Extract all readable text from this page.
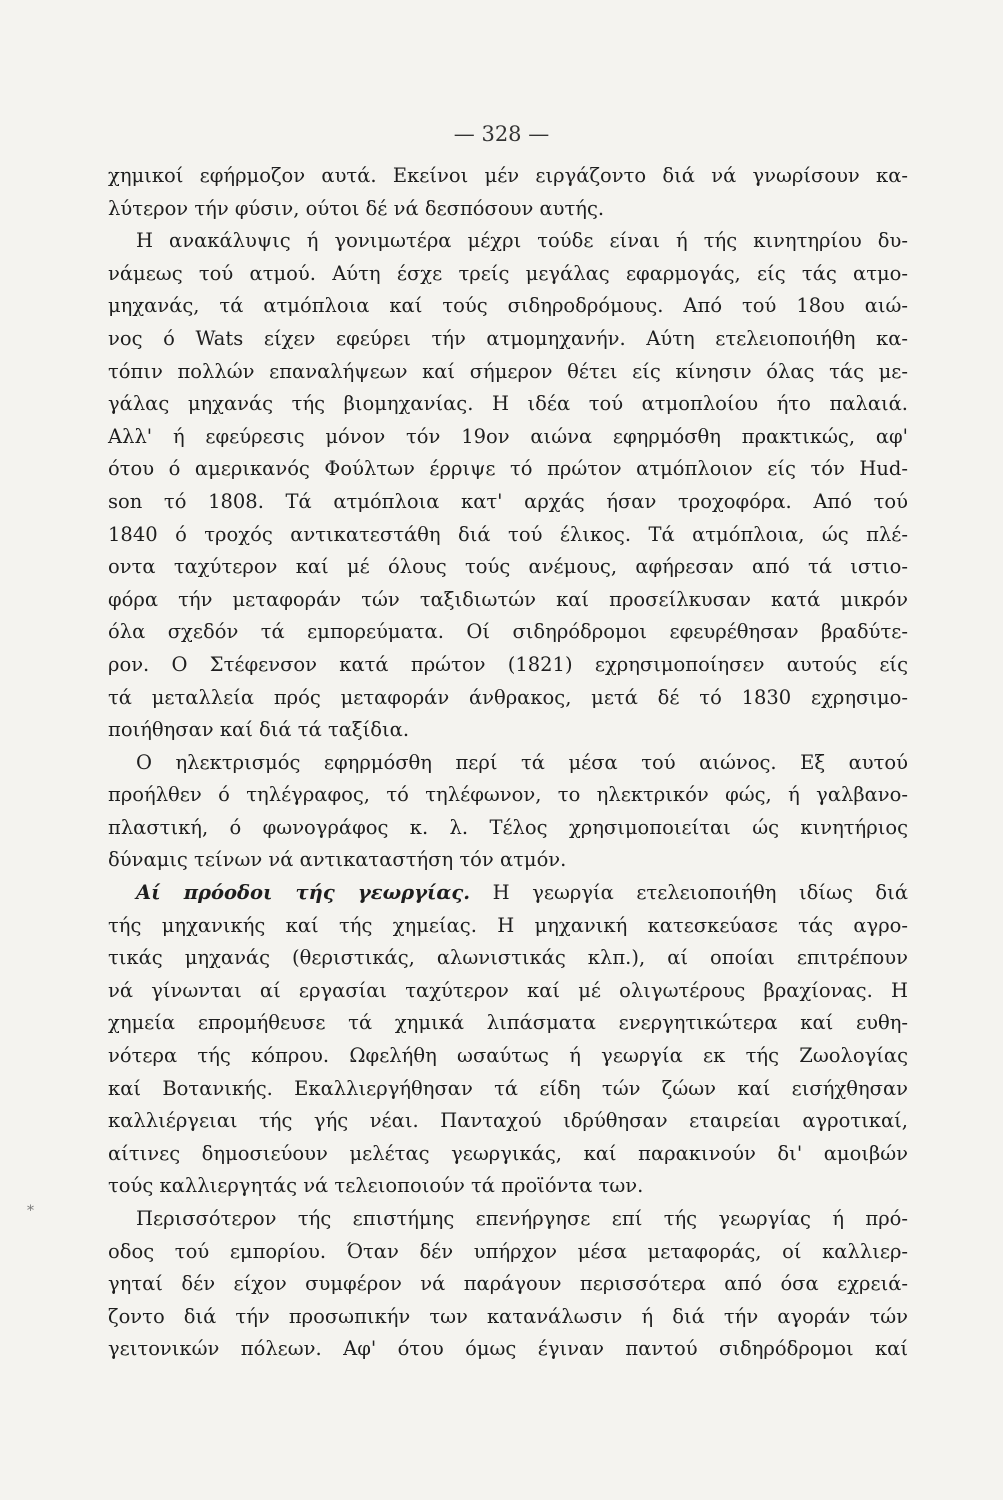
— 328 —
*
χημικοί εφήρμοζον αυτά. Εκείνοι μέν ειργάζοντο διά νά γνωρίσουν κα-
λύτερον τήν φύσιν, ούτοι δέ νά δεσπόσουν αυτής.
Η ανακάλυψις ή γονιμωτέρα μέχρι τούδε είναι ή τής κινητηρίου δυ-
νάμεως τού ατμού. Αύτη έσχε τρείς μεγάλας εφαρμογάς, είς τάς ατμο-
μηχανάς, τά ατμόπλοια καί τούς σιδηροδρόμους. Από τού 18ου αιώ-
νος ό Wats είχεν εφεύρει τήν ατμομηχανήν. Αύτη ετελειοποιήθη κα-
τόπιν πολλών επαναλήψεων καί σήμερον θέτει είς κίνησιν όλας τάς με-
γάλας μηχανάς τής βιομηχανίας. Η ιδέα τού ατμοπλοίου ήτο παλαιά.
Αλλ' ή εφεύρεσις μόνον τόν 19ον αιώνα εφηρμόσθη πρακτικώς, αφ'
ότου ό αμερικανός Φούλτων έρριψε τό πρώτον ατμόπλοιον είς τόν Hud-
son τό 1808. Τά ατμόπλοια κατ' αρχάς ήσαν τροχοφόρα. Από τού
1840 ό τροχός αντικατεστάθη διά τού έλικος. Τά ατμόπλοια, ώς πλέ-
οντα ταχύτερον καί μέ όλους τούς ανέμους, αφήρεσαν από τά ιστιο-
φόρα τήν μεταφοράν τών ταξιδιωτών καί προσείλκυσαν κατά μικρόν
όλα σχεδόν τά εμπορεύματα. Οί σιδηρόδρομοι εφευρέθησαν βραδύτε-
ρον. Ο Στέφενσον κατά πρώτον (1821) εχρησιμοποίησεν αυτούς είς
τά μεταλλεία πρός μεταφοράν άνθρακος, μετά δέ τό 1830 εχρησιμο-
ποιήθησαν καί διά τά ταξίδια.
Ο ηλεκτρισμός εφηρμόσθη περί τά μέσα τού αιώνος. Εξ αυτού
προήλθεν ό τηλέγραφος, τό τηλέφωνον, το ηλεκτρικόν φώς, ή γαλβανο-
πλαστική, ό φωνογράφος κ. λ. Τέλος χρησιμοποιείται ώς κινητήριος
δύναμις τείνων νά αντικαταστήση τόν ατμόν.
Αί πρόοδοι τής γεωργίας. Η γεωργία ετελειοποιήθη ιδίως διά
τής μηχανικής καί τής χημείας. Η μηχανική κατεσκεύασε τάς αγρο-
τικάς μηχανάς (θεριστικάς, αλωνιστικάς κλπ.), αί οποίαι επιτρέπουν
νά γίνωνται αί εργασίαι ταχύτερον καί μέ ολιγωτέρους βραχίονας. Η
χημεία επρομήθευσε τά χημικά λιπάσματα ενεργητικώτερα καί ευθη-
νότερα τής κόπρου. Ωφελήθη ωσαύτως ή γεωργία εκ τής Ζωολογίας
καί Βοτανικής. Εκαλλιεργήθησαν τά είδη τών ζώων καί εισήχθησαν
καλλιέργειαι τής γής νέαι. Πανταχού ιδρύθησαν εταιρείαι αγροτικαί,
αίτινες δημοσιεύουν μελέτας γεωργικάς, καί παρακινούν δι' αμοιβών
τούς καλλιεργητάς νά τελειοποιούν τά προϊόντα των.
Περισσότερον τής επιστήμης επενήργησε επί τής γεωργίας ή πρό-
οδος τού εμπορίου. Όταν δέν υπήρχον μέσα μεταφοράς, οί καλλιερ-
γηταί δέν είχον συμφέρον νά παράγουν περισσότερα από όσα εχρειά-
ζοντο διά τήν προσωπικήν των κατανάλωσιν ή διά τήν αγοράν τών
γειτονικών πόλεων. Αφ' ότου όμως έγιναν παντού σιδηρόδρομοι καί
